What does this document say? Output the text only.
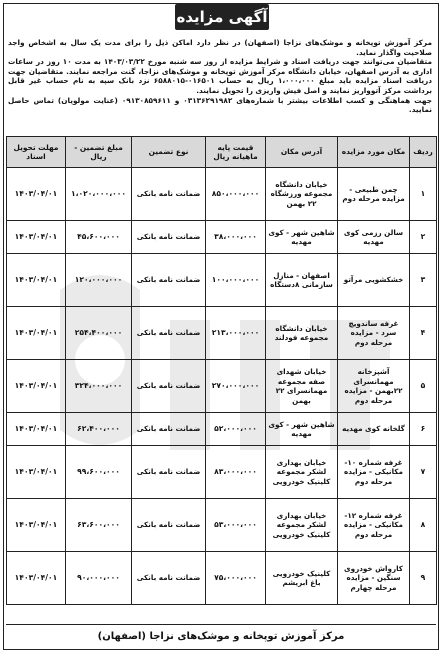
آگهی مزایده

مرکز آموزش توپخانه و موشک‌های نزاجا (اصفهان) در نظر دارد اماکن ذیل را برای مدت یک سال به اشخاص واجد صلاحیت واگذار نماید.

متقاضیان می‌توانند جهت دریافت اسناد و شرایط مزایده از روز سه شنبه مورخ ۱۴۰۳/۰۳/۲۲ به مدت ۱۰ روز در ساعات اداری به آدرس اصفهان، خیابان دانشگاه مرکز آموزش توپخانه و موشک‌های نزاجا، گنت مراجعه نمایند. متقاضیان جهت دریافت اسناد مزایده باید مبلغ ۱،۰۰۰،۰۰۰ ریال به حساب ۰۱۶۵۰۱-۶۵۸۸۰۱۵ نزد بانک سپه به نام حساب غیر قابل برداشت مرکز آتوواریز نمایند و اصل فیش واریزی را تحویل نمایند.

جهت هماهنگی و کسب اطلاعات بیشتر با شماره‌های ۰۳۱۳۶۲۹۱۹۸۲ و ۰۹۱۳۰۸۵۹۶۱۱ (عنایت مولویان) تماس حاصل نمایید.

ردیف	مکان مورد مزایده	آدرس مکان	قیمت پایه ماهیانه ریال	نوع تضمین	مبلغ تضمین - ریال	مهلت تحویل اسناد
۱	چمن طبیعی - مزایده مرحله دوم	خیابان دانشگاه مجموعه ورزشگاه ۲۲ بهمن	۸۵۰،۰۰۰،۰۰۰	ضمانت نامه بانکی	۱،۰۲۰،۰۰۰،۰۰۰	۱۴۰۳/۰۴/۰۱
۲	سالن رزمی کوی مهدیه	شاهین شهر - کوی مهدیه	۳۸،۰۰۰،۰۰۰	ضمانت نامه بانکی	۴۵،۶۰۰،۰۰۰	۱۴۰۳/۰۴/۰۱
۳	خشکشویی مرآتو	اصفهان - منازل سازمانی ۸دستگاه	۱۰۰،۰۰۰،۰۰۰	ضمانت نامه بانکی	۱۲۰،۰۰۰،۰۰۰	۱۴۰۳/۰۴/۰۱
۴	غرفه ساندویچ سرد - مزایده مرحله دوم	خیابان دانشگاه مجموعه فودلند	۲۱۳،۰۰۰،۰۰۰	ضمانت نامه بانکی	۲۵۴،۴۰۰،۰۰۰	۱۴۰۳/۰۴/۰۱
۵	آشپزخانه مهمانسرای ۲۲بهمن - مزایده مرحله دوم	خیابان شهدای صفه مجموعه مهمانسرای ۲۲ بهمن	۲۷۰،۰۰۰،۰۰۰	ضمانت نامه بانکی	۳۲۴،۰۰۰،۰۰۰	۱۴۰۳/۰۴/۰۱
۶	گلخانه کوی مهدیه	شاهین شهر - کوی مهدیه	۵۲،۰۰۰،۰۰۰	ضمانت نامه بانکی	۶۲،۴۰۰،۰۰۰	۱۴۰۳/۰۴/۰۱
۷	غرفه شماره ۱۰-مکانیکی - مزایده مرحله دوم	خیابان بهداری لشکر مجموعه کلینیک خودرویی	۸۳،۰۰۰،۰۰۰	ضمانت نامه بانکی	۹۹،۶۰۰،۰۰۰	۱۴۰۳/۰۴/۰۱
۸	غرفه شماره ۱۲-مکانیکی - مزایده مرحله دوم	خیابان بهداری لشکر مجموعه کلینیک خودرویی	۵۳،۰۰۰،۰۰۰	ضمانت نامه بانکی	۶۳،۶۰۰،۰۰۰	۱۴۰۳/۰۴/۰۱
۹	کارواش خودروی سنگین - مزایده مرحله چهارم	کلینیک خودرویی باغ ابریشم	۷۵،۰۰۰،۰۰۰	ضمانت نامه بانکی	۹۰،۰۰۰،۰۰۰	۱۴۰۳/۰۴/۰۱
مرکز آموزش توپخانه و موشک‌های نزاجا (اصفهان)
